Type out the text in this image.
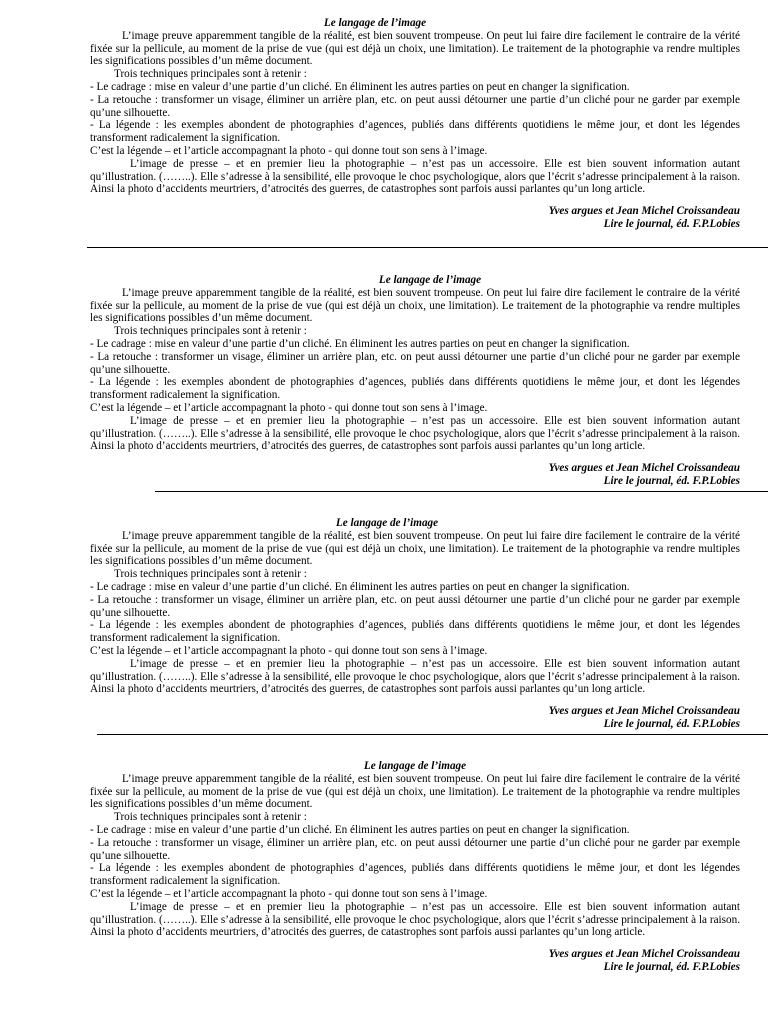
Le langage de l’image

L’image preuve apparemment tangible de la réalité, est bien souvent trompeuse. On peut lui faire dire facilement le contraire de la vérité fixée sur la pellicule, au moment de la prise de vue (qui est déjà un choix, une limitation). Le traitement de la photographie va rendre multiples les significations possibles d’un même document.

Trois techniques principales sont à retenir :

- Le cadrage : mise en valeur d’une partie d’un cliché. En éliminent les autres parties on peut en changer la signification.

- La retouche : transformer un visage, éliminer un arrière plan, etc. on peut aussi détourner une partie d’un cliché pour ne garder par exemple qu’une silhouette.

- La légende : les exemples abondent de photographies d’agences, publiés dans différents quotidiens le même jour, et dont les légendes transforment radicalement la signification.

C’est la légende – et l’article accompagnant la photo - qui donne tout son sens à l’image.

L’image de presse – et en premier lieu la photographie – n’est pas un accessoire. Elle est bien souvent information autant qu’illustration. (……..). Elle s’adresse à la sensibilité, elle provoque le choc psychologique, alors que l’écrit s’adresse principalement à la raison. Ainsi la photo d’accidents meurtriers, d’atrocités des guerres, de catastrophes sont parfois aussi parlantes qu’un long article.

Yves argues et Jean Michel Croissandeau

Lire le journal, éd. F.P.Lobies

Le langage de l’image

L’image preuve apparemment tangible de la réalité, est bien souvent trompeuse. On peut lui faire dire facilement le contraire de la vérité fixée sur la pellicule, au moment de la prise de vue (qui est déjà un choix, une limitation). Le traitement de la photographie va rendre multiples les significations possibles d’un même document.

Trois techniques principales sont à retenir :

- Le cadrage : mise en valeur d’une partie d’un cliché. En éliminent les autres parties on peut en changer la signification.

- La retouche : transformer un visage, éliminer un arrière plan, etc. on peut aussi détourner une partie d’un cliché pour ne garder par exemple qu’une silhouette.

- La légende : les exemples abondent de photographies d’agences, publiés dans différents quotidiens le même jour, et dont les légendes transforment radicalement la signification.

C’est la légende – et l’article accompagnant la photo - qui donne tout son sens à l’image.

L’image de presse – et en premier lieu la photographie – n’est pas un accessoire. Elle est bien souvent information autant qu’illustration. (……..). Elle s’adresse à la sensibilité, elle provoque le choc psychologique, alors que l’écrit s’adresse principalement à la raison. Ainsi la photo d’accidents meurtriers, d’atrocités des guerres, de catastrophes sont parfois aussi parlantes qu’un long article.

Yves argues et Jean Michel Croissandeau

Lire le journal, éd. F.P.Lobies

Le langage de l’image

L’image preuve apparemment tangible de la réalité, est bien souvent trompeuse. On peut lui faire dire facilement le contraire de la vérité fixée sur la pellicule, au moment de la prise de vue (qui est déjà un choix, une limitation). Le traitement de la photographie va rendre multiples les significations possibles d’un même document.

Trois techniques principales sont à retenir :

- Le cadrage : mise en valeur d’une partie d’un cliché. En éliminent les autres parties on peut en changer la signification.

- La retouche : transformer un visage, éliminer un arrière plan, etc. on peut aussi détourner une partie d’un cliché pour ne garder par exemple qu’une silhouette.

- La légende : les exemples abondent de photographies d’agences, publiés dans différents quotidiens le même jour, et dont les légendes transforment radicalement la signification.

C’est la légende – et l’article accompagnant la photo - qui donne tout son sens à l’image.

L’image de presse – et en premier lieu la photographie – n’est pas un accessoire. Elle est bien souvent information autant qu’illustration. (……..). Elle s’adresse à la sensibilité, elle provoque le choc psychologique, alors que l’écrit s’adresse principalement à la raison. Ainsi la photo d’accidents meurtriers, d’atrocités des guerres, de catastrophes sont parfois aussi parlantes qu’un long article.

Yves argues et Jean Michel Croissandeau

Lire le journal, éd. F.P.Lobies

Le langage de l’image

L’image preuve apparemment tangible de la réalité, est bien souvent trompeuse. On peut lui faire dire facilement le contraire de la vérité fixée sur la pellicule, au moment de la prise de vue (qui est déjà un choix, une limitation). Le traitement de la photographie va rendre multiples les significations possibles d’un même document.

Trois techniques principales sont à retenir :

- Le cadrage : mise en valeur d’une partie d’un cliché. En éliminent les autres parties on peut en changer la signification.

- La retouche : transformer un visage, éliminer un arrière plan, etc. on peut aussi détourner une partie d’un cliché pour ne garder par exemple qu’une silhouette.

- La légende : les exemples abondent de photographies d’agences, publiés dans différents quotidiens le même jour, et dont les légendes transforment radicalement la signification.

C’est la légende – et l’article accompagnant la photo - qui donne tout son sens à l’image.

L’image de presse – et en premier lieu la photographie – n’est pas un accessoire. Elle est bien souvent information autant qu’illustration. (……..). Elle s’adresse à la sensibilité, elle provoque le choc psychologique, alors que l’écrit s’adresse principalement à la raison. Ainsi la photo d’accidents meurtriers, d’atrocités des guerres, de catastrophes sont parfois aussi parlantes qu’un long article.

Yves argues et Jean Michel Croissandeau

Lire le journal, éd. F.P.Lobies
